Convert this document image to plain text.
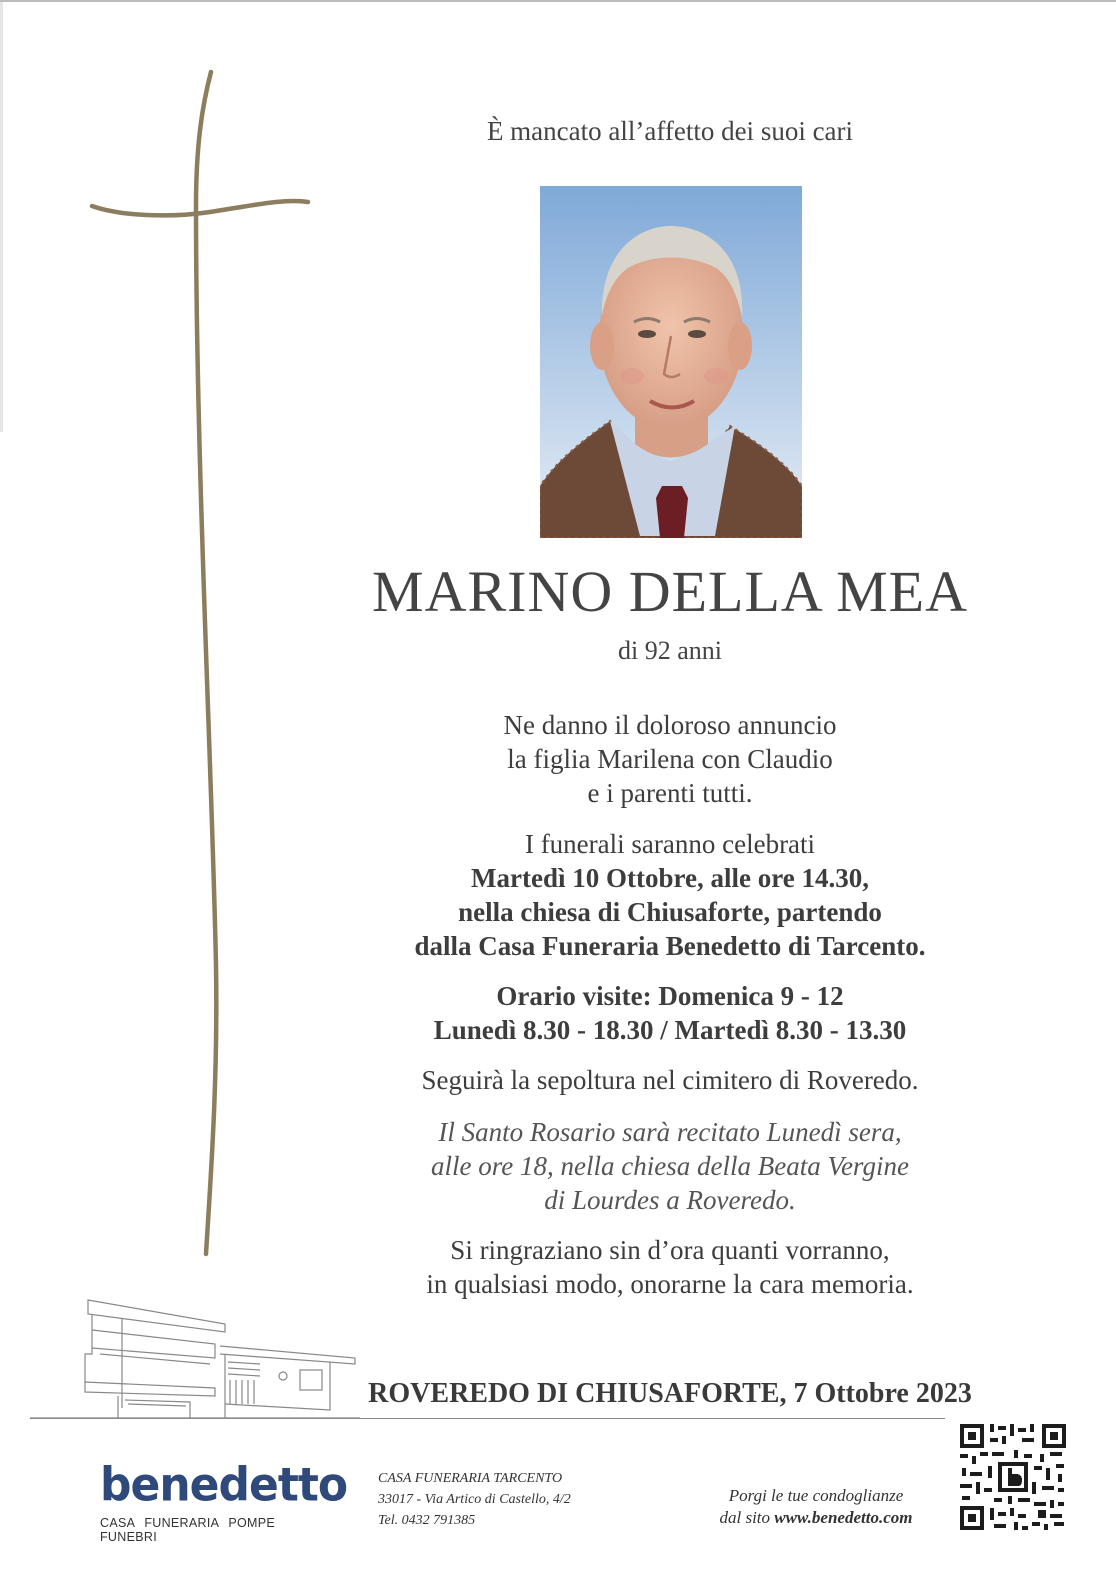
È mancato all’affetto dei suoi cari
MARINO DELLA MEA
di 92 anni
Ne danno il doloroso annuncio
la figlia Marilena con Claudio
e i parenti tutti.
I funerali saranno celebrati
Martedì 10 Ottobre, alle ore 14.30,
nella chiesa di Chiusaforte, partendo
dalla Casa Funeraria Benedetto di Tarcento.
Orario visite: Domenica 9 - 12
Lunedì 8.30 - 18.30 / Martedì 8.30 - 13.30
Seguirà la sepoltura nel cimitero di Roveredo.
Il Santo Rosario sarà recitato Lunedì sera,
alle ore 18, nella chiesa della Beata Vergine
di Lourdes a Roveredo.
Si ringraziano sin d’ora quanti vorranno,
in qualsiasi modo, onorarne la cara memoria.
ROVEREDO DI CHIUSAFORTE, 7 Ottobre 2023
benedetto
CASA FUNERARIA POMPE FUNEBRI
CASA FUNERARIA TARCENTO
33017 - Via Artico di Castello, 4/2
Tel. 0432 791385
Porgi le tue condoglianze
dal sito www.benedetto.com
